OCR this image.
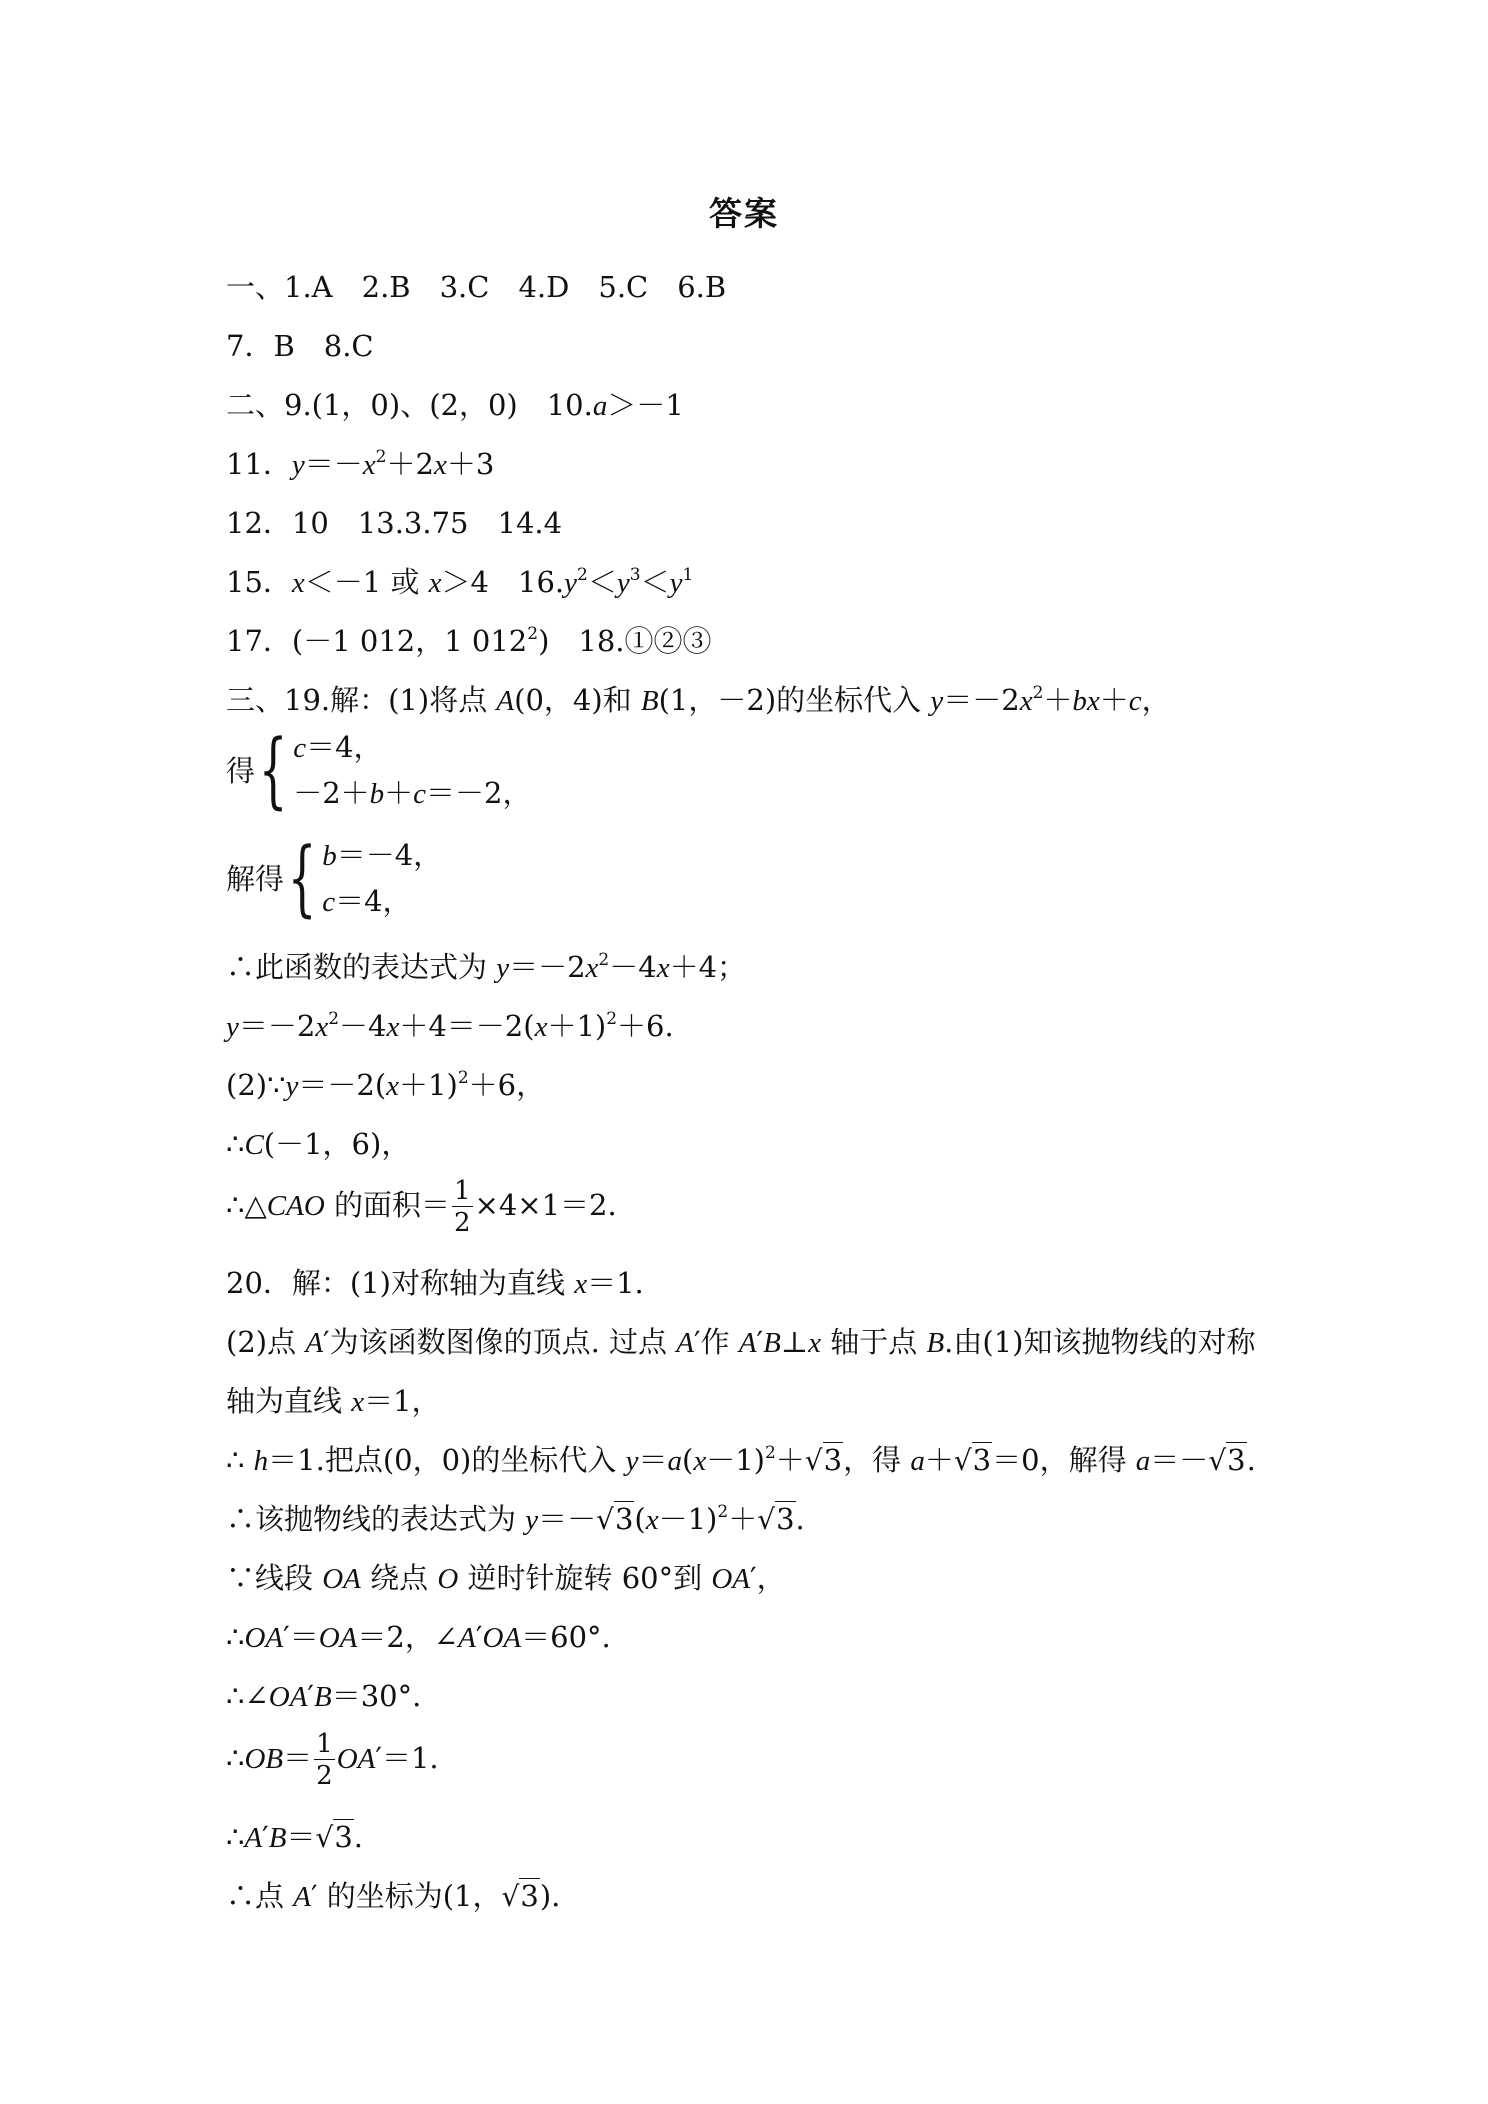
答案
一、1.A　2.B　3.C　4.D　5.C　6.B
7．B　8.C
二、9.(1，0)、(2，0)　10.a＞－1
11．$y=-x^2+2x+3$
12．10　13.3.75　14.4
15．x＜－1 或 x＞4　$16.y^2<y^3<y^1$
17．(－1 012，1 $012^2$)　18.①②③
三、19.解：(1)将点 A(0，4)和 B(1，－2)的坐标代入 $y=-2x^2+bx+c$，
得 { c＝4，
－2＋b＋c＝－2，
解得 { b＝－4，
c＝4，
∴此函数的表达式为 $y=-2x^2-4x+4$；
$y=-2x^2-4x+4=-2(x+1)^2+6$.
$(2)\because y=-2(x+1)^2+6$，
∴C(－1，6)，
∴△CAO 的面积＝ $\frac{1}{2} \times 4\times 1=2$.
20．解：(1)对称轴为直线 x＝1.
(2)点 A′为该函数图像的顶点. 过点 A′作 A′B⊥x 轴于点 B.由(1)知该抛物线的对称
轴为直线 x＝1，
∴ h＝1.把点(0，0)的坐标代入 $y=a(x-1)^2+√3$，得 a＋√3＝0，解得 a＝－√3.
∴该抛物线的表达式为 $y=-√3(x-1)^2+√3$.
∵线段 OA 绕点 O 逆时针旋转 60°到 OA′，
∴OA′＝OA＝2，∠A′OA＝60°.
∴∠OA′B＝30°.
∴OB＝ $\frac{1}{2} OA'=1$.
∴A′B＝√3.
∴点 A′ 的坐标为(1，√3).
